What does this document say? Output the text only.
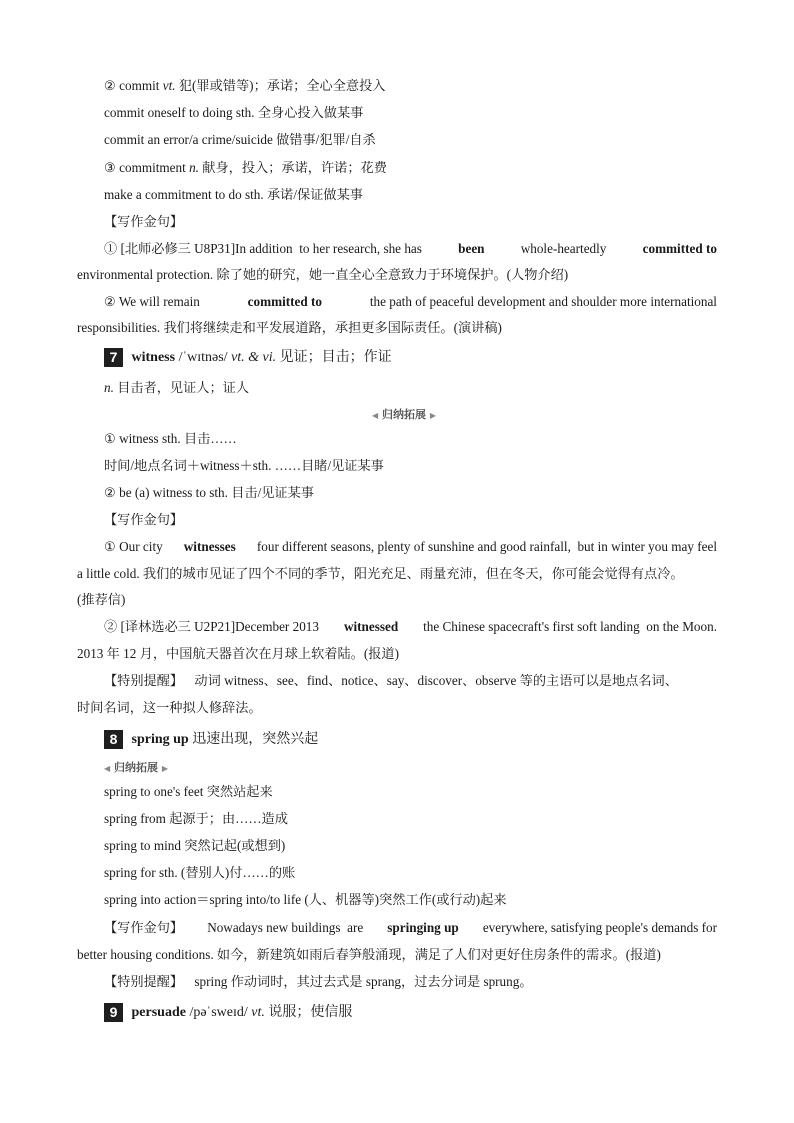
② commit vt. 犯(罪或错等)；承诺；全心全意投入
commit oneself to doing sth. 全身心投入做某事
commit an error/a crime/suicide 做错事/犯罪/自杀
③ commitment n. 献身，投入；承诺，许诺；花费
make a commitment to do sth. 承诺/保证做某事
【写作金句】
① [北师必修三 U8P31]In addition  to her research, she has	been	whole-heartedly	committed to
environmental protection. 除了她的研究，她一直全心全意致力于环境保护。(人物介绍)
② We will remain	committed to	the path of peaceful development and shoulder more international
responsibilities. 我们将继续走和平发展道路，承担更多国际责任。(演讲稿)
7 witness /ˈwɪtnəs/ vt. & vi. 见证；目击；作证
n. 目击者，见证人；证人
◀ 归纳拓展 ▶
① witness sth. 目击……
时间/地点名词＋witness＋sth. ……目睹/见证某事
② be (a) witness to sth. 目击/见证某事
【写作金句】
① Our city witnesses four different seasons, plenty of sunshine and good rainfall,  but in winter you may feel
a little cold. 我们的城市见证了四个不同的季节，阳光充足、雨量充沛，但在冬天，你可能会觉得有点冷。
(推荐信)
② [译林选必三 U2P21]December 2013 witnessed the Chinese spacecraft's first soft landing  on the Moon.
2013 年 12 月，中国航天器首次在月球上软着陆。(报道)
【特别提醒】 动词 witness、see、find、notice、say、discover、observe 等的主语可以是地点名词、
时间名词，这一种拟人修辞法。
8 spring up 迅速出现，突然兴起
◀ 归纳拓展 ▶
spring to one's feet 突然站起来
spring from 起源于；由……造成
spring to mind 突然记起(或想到)
spring for sth. (替别人)付……的账
spring into action＝spring into/to life (人、机器等)突然工作(或行动)起来
【写作金句】 Nowadays new buildings  are springing up everywhere, satisfying people's demands for
better housing conditions. 如今，新建筑如雨后春笋般涌现，满足了人们对更好住房条件的需求。(报道)
【特别提醒】 spring 作动词时，其过去式是 sprang，过去分词是 sprung。
9 persuade /pəˈsweɪd/ vt. 说服；使信服
